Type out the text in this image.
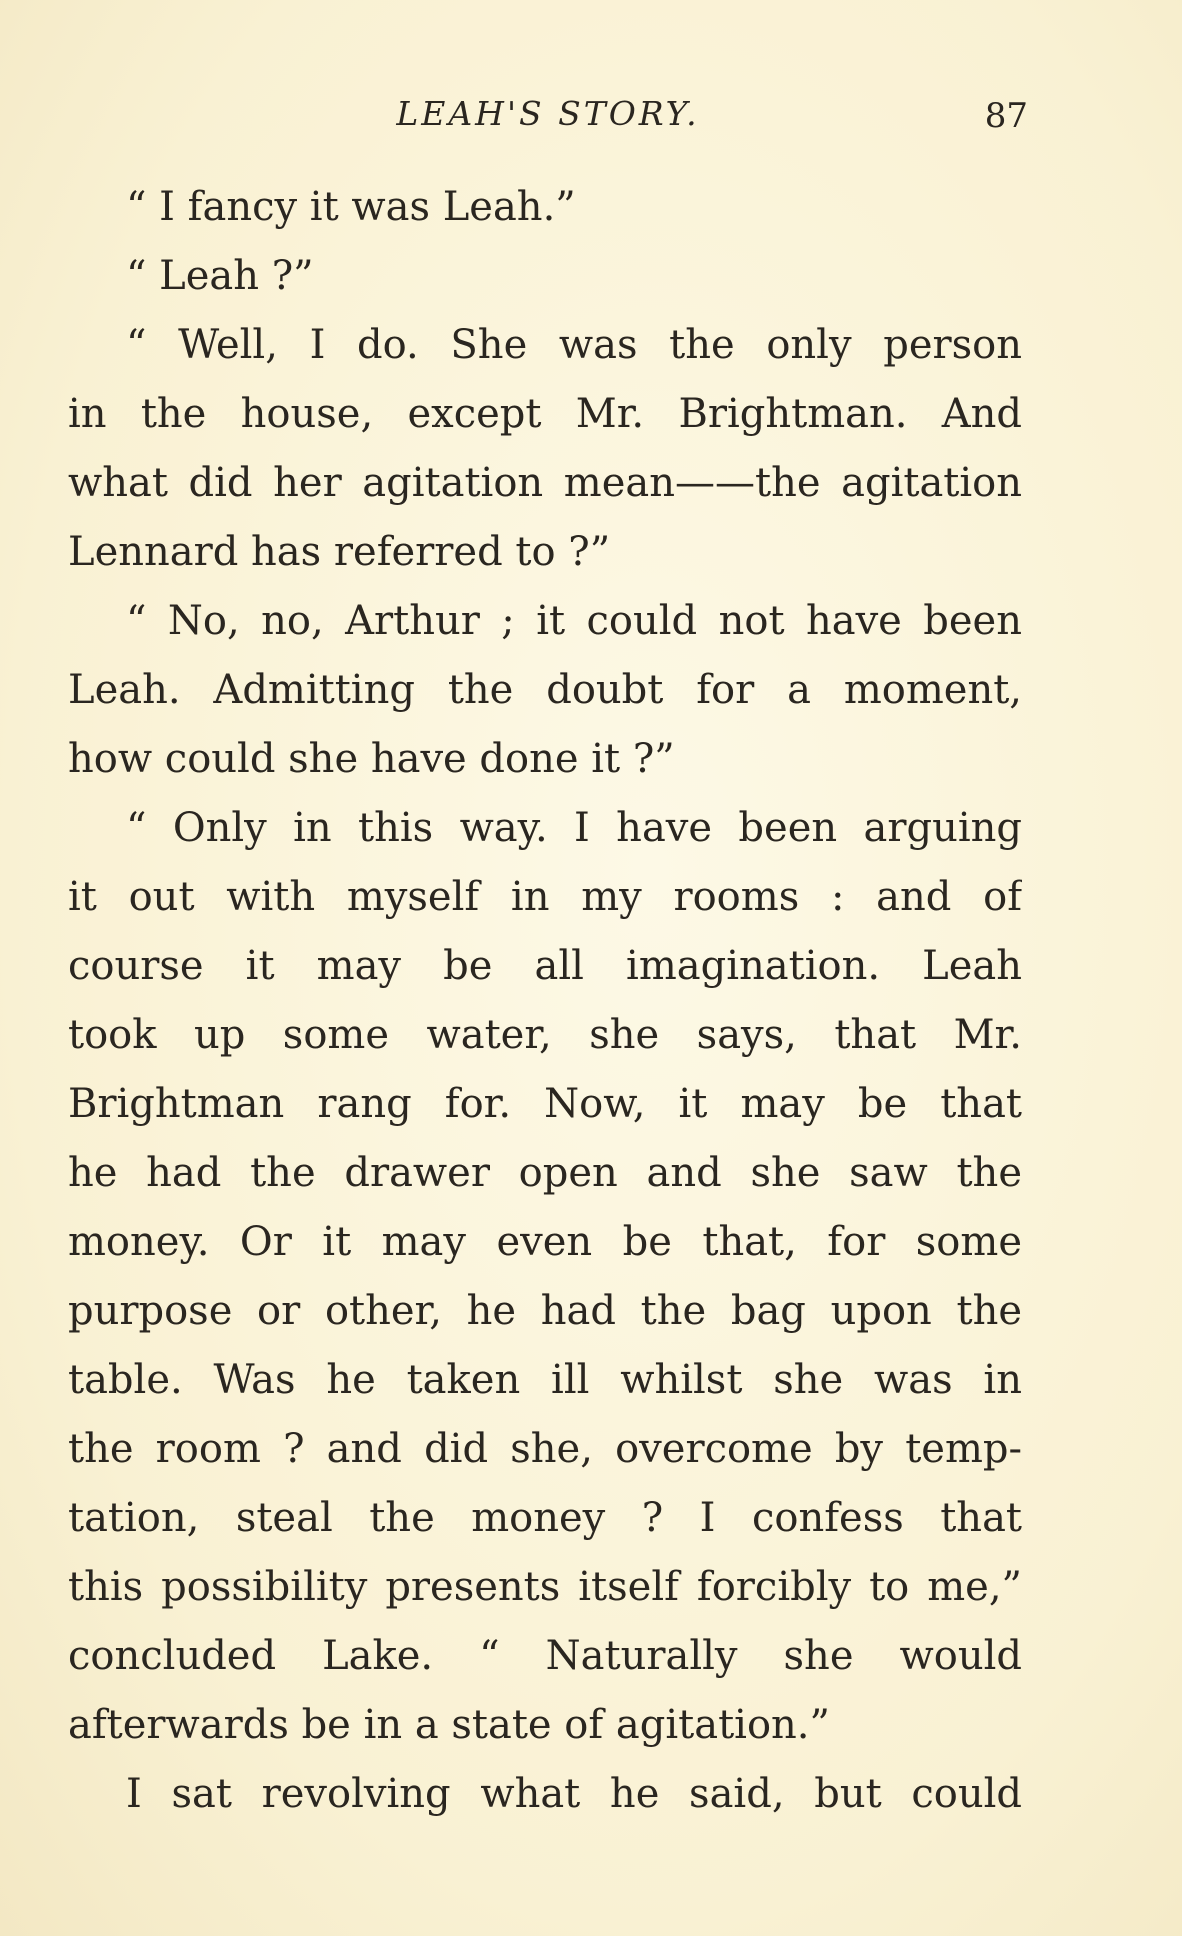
LEAH'S STORY.	87
“ I fancy it was Leah.”
“ Leah ?”
“ Well, I do. She was the only person
in the house, except Mr. Brightman. And
what did her agitation mean——the agitation
Lennard has referred to ?”
“ No, no, Arthur ; it could not have been
Leah. Admitting the doubt for a moment,
how could she have done it ?”
“ Only in this way. I have been arguing
it out with myself in my rooms : and of
course it may be all imagination. Leah
took up some water, she says, that Mr.
Brightman rang for. Now, it may be that
he had the drawer open and she saw the
money. Or it may even be that, for some
purpose or other, he had the bag upon the
table. Was he taken ill whilst she was in
the room ? and did she, overcome by temp-
tation, steal the money ? I confess that
this possibility presents itself forcibly to me,”
concluded Lake. “ Naturally she would
afterwards be in a state of agitation.”
I sat revolving what he said, but could
